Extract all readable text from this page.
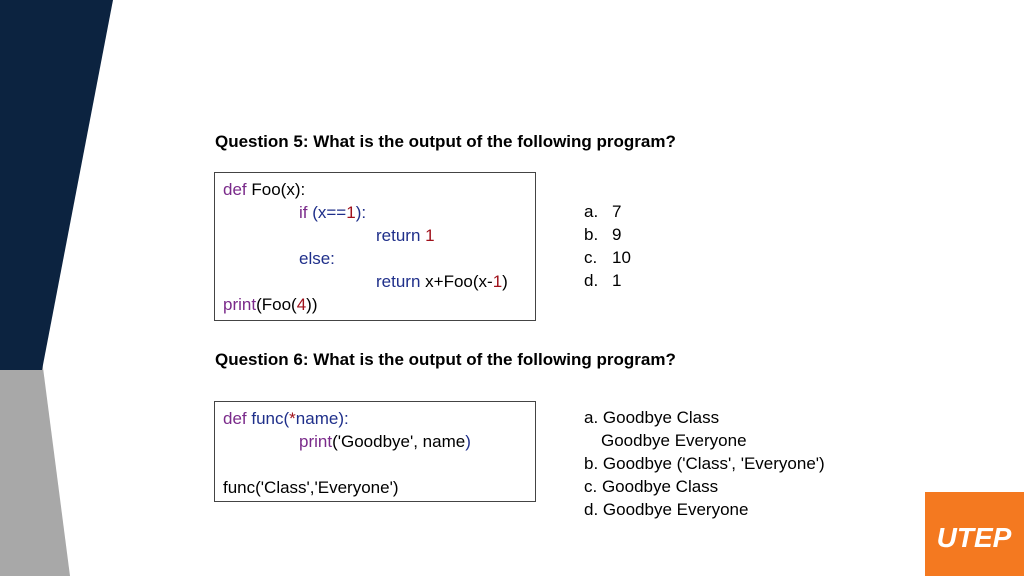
Question 5: What is the output of the following program?
def Foo(x):
if (x==1):
return 1
else:
return x+Foo(x-1)
print(Foo(4))
a. 7
b. 9
c. 10
d. 1
Question 6: What is the output of the following program?
def func(*name):
print('Goodbye', name)
func('Class','Everyone')
a. Goodbye Class
Goodbye Everyone
b. Goodbye ('Class', 'Everyone')
c. Goodbye Class
d. Goodbye Everyone
UTEP
